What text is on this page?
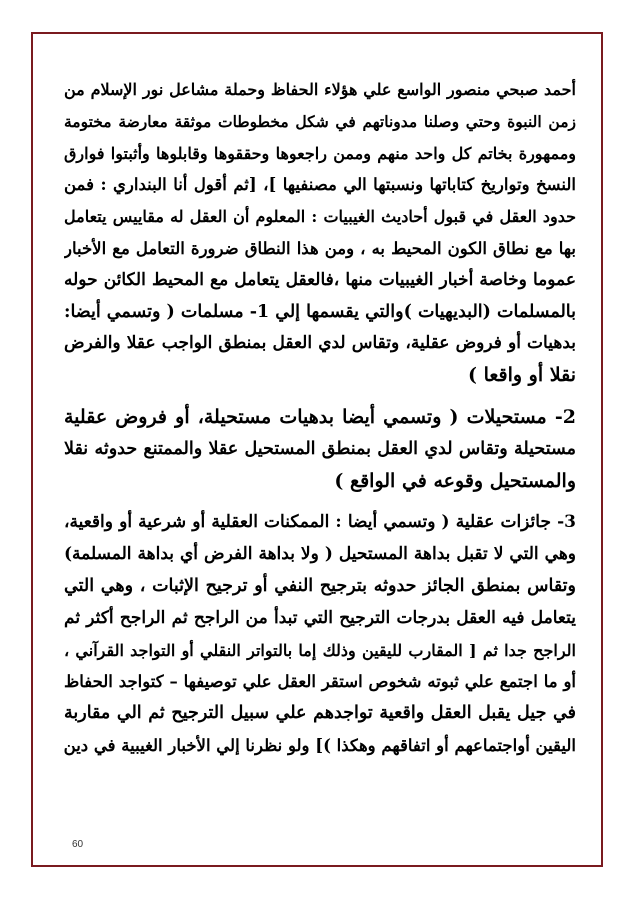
أحمد صبحي منصور الواسع علي هؤلاء الحفاظ وحملة مشاعل نور الإسلام من
زمن النبوة وحتي وصلنا مدوناتهم في شكل مخطوطات موثقة معارضة مختومة
وممهورة بخاتم كل واحد منهم وممن راجعوها وحققوها وقابلوها وأثبتوا فوارق
النسخ وتواريخ كتاباتها ونسبتها الي مصنفيها ]، [ثم أقول أنا البنداري : فمن
حدود العقل في قبول أحاديث الغيبيات : المعلوم أن العقل له مقاييس يتعامل
بها مع نطاق الكون المحيط به ، ومن هذا النطاق ضرورة التعامل مع الأخبار
عموما وخاصة أخبار الغيبيات منها ،فالعقل يتعامل مع المحيط الكائن حوله
بالمسلمات (البديهيات )والتي يقسمها إلي 1- مسلمات ( وتسمي أيضا:
بدهيات أو فروض عقلية، وتقاس لدي العقل بمنطق الواجب عقلا والفرض
نقلا أو واقعا )
2- مستحيلات ( وتسمي أيضا بدهيات مستحيلة، أو فروض عقلية
مستحيلة وتقاس لدي العقل بمنطق المستحيل عقلا والممتنع حدوثه نقلا
والمستحيل وقوعه في الواقع )
3- جائزات عقلية ( وتسمي أيضا : الممكنات العقلية أو شرعية أو واقعية،
وهي التي لا تقبل بداهة المستحيل ( ولا بداهة الفرض أي بداهة المسلمة)
وتقاس بمنطق الجائز حدوثه بترجيح النفي أو ترجيح الإثبات ، وهي التي
يتعامل فيه العقل بدرجات الترجيح التي تبدأ من الراجح ثم الراجح أكثر ثم
الراجح جدا ثم [ المقارب لليقين وذلك إما بالتواتر النقلي أو التواجد القرآني ،
أو ما اجتمع علي ثبوته شخوص استقر العقل علي توصيفها – كتواجد الحفاظ
في جيل يقبل العقل واقعية تواجدهم علي سبيل الترجيح ثم الي مقاربة
اليقين أواجتماعهم أو اتفاقهم وهكذا )] ولو نظرنا إلي الأخبار الغيبية في دين
60
